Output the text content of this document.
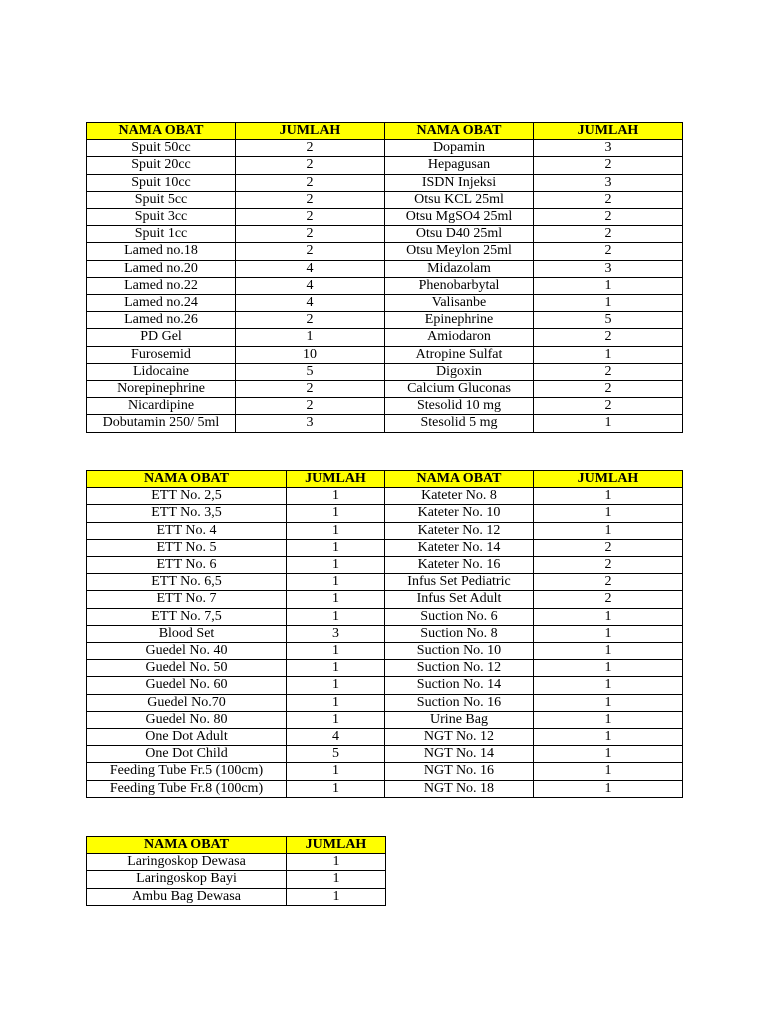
NAMA OBAT	JUMLAH	NAMA OBAT	JUMLAH
Spuit 50cc	2	Dopamin	3
Spuit 20cc	2	Hepagusan	2
Spuit 10cc	2	ISDN Injeksi	3
Spuit 5cc	2	Otsu KCL 25ml	2
Spuit 3cc	2	Otsu MgSO4 25ml	2
Spuit 1cc	2	Otsu D40 25ml	2
Lamed no.18	2	Otsu Meylon 25ml	2
Lamed no.20	4	Midazolam	3
Lamed no.22	4	Phenobarbytal	1
Lamed no.24	4	Valisanbe	1
Lamed no.26	2	Epinephrine	5
PD Gel	1	Amiodaron	2
Furosemid	10	Atropine Sulfat	1
Lidocaine	5	Digoxin	2
Norepinephrine	2	Calcium Gluconas	2
Nicardipine	2	Stesolid 10 mg	2
Dobutamin 250/ 5ml	3	Stesolid 5 mg	1
NAMA OBAT	JUMLAH	NAMA OBAT	JUMLAH
ETT No. 2,5	1	Kateter No. 8	1
ETT No. 3,5	1	Kateter No. 10	1
ETT No. 4	1	Kateter No. 12	1
ETT No. 5	1	Kateter No. 14	2
ETT No. 6	1	Kateter No. 16	2
ETT No. 6,5	1	Infus Set Pediatric	2
ETT No. 7	1	Infus Set Adult	2
ETT No. 7,5	1	Suction No. 6	1
Blood Set	3	Suction No. 8	1
Guedel No. 40	1	Suction No. 10	1
Guedel No. 50	1	Suction No. 12	1
Guedel No. 60	1	Suction No. 14	1
Guedel No.70	1	Suction No. 16	1
Guedel No. 80	1	Urine Bag	1
One Dot Adult	4	NGT No. 12	1
One Dot Child	5	NGT No. 14	1
Feeding Tube Fr.5 (100cm)	1	NGT No. 16	1
Feeding Tube Fr.8 (100cm)	1	NGT No. 18	1
NAMA OBAT	JUMLAH
Laringoskop Dewasa	1
Laringoskop Bayi	1
Ambu Bag Dewasa	1
